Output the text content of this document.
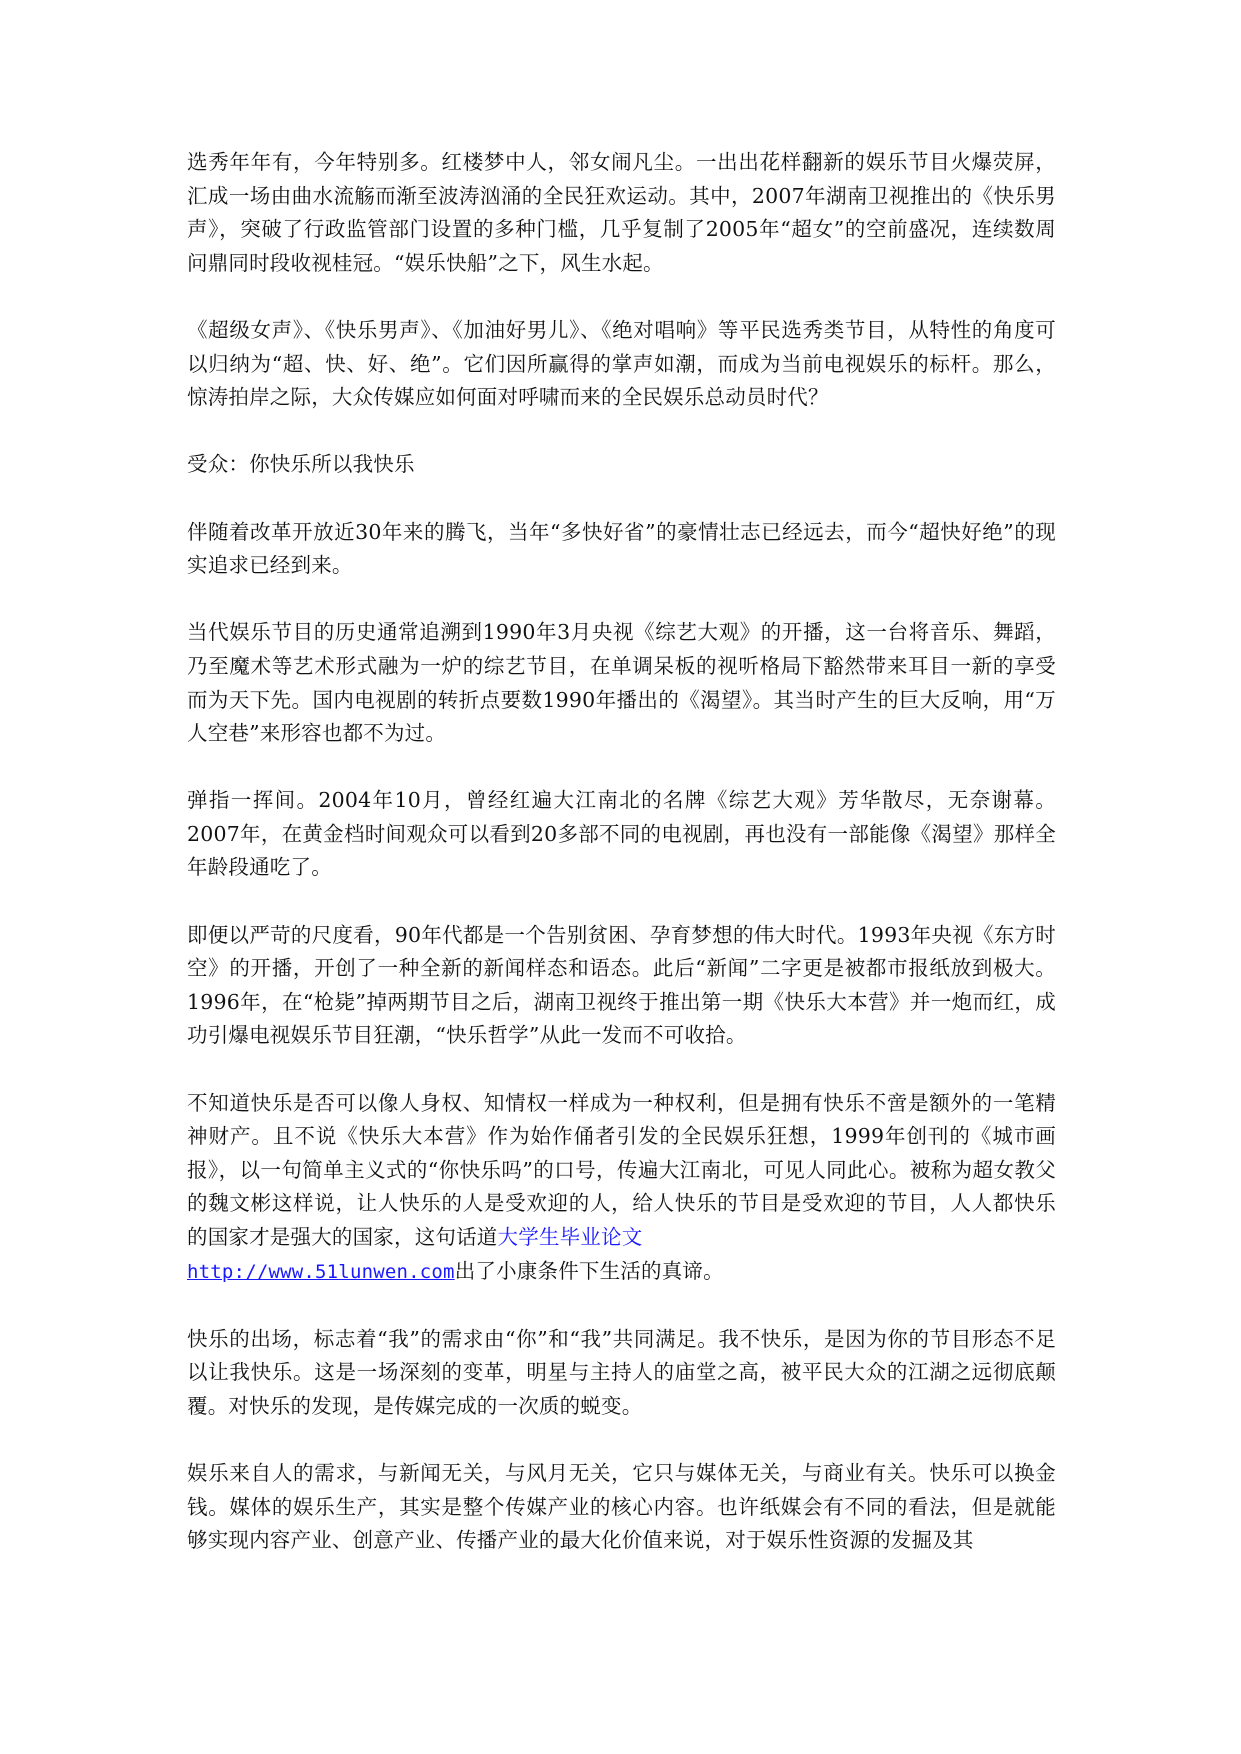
选秀年年有，今年特别多。红楼梦中人，邻女闹凡尘。一出出花样翻新的娱乐节目火爆荧屏，汇成一场由曲水流觞而渐至波涛汹涌的全民狂欢运动。其中，2007年湖南卫视推出的《快乐男声》，突破了行政监管部门设置的多种门槛，几乎复制了2005年“超女”的空前盛况，连续数周问鼎同时段收视桂冠。“娱乐快船”之下，风生水起。

《超级女声》、《快乐男声》、《加油好男儿》、《绝对唱响》等平民选秀类节目，从特性的角度可以归纳为“超、快、好、绝”。它们因所赢得的掌声如潮，而成为当前电视娱乐的标杆。那么，惊涛拍岸之际，大众传媒应如何面对呼啸而来的全民娱乐总动员时代？

受众：你快乐所以我快乐

伴随着改革开放近30年来的腾飞，当年“多快好省”的豪情壮志已经远去，而今“超快好绝”的现实追求已经到来。

当代娱乐节目的历史通常追溯到1990年3月央视《综艺大观》的开播，这一台将音乐、舞蹈，乃至魔术等艺术形式融为一炉的综艺节目，在单调呆板的视听格局下豁然带来耳目一新的享受而为天下先。国内电视剧的转折点要数1990年播出的《渴望》。其当时产生的巨大反响，用“万人空巷”来形容也都不为过。

弹指一挥间。2004年10月，曾经红遍大江南北的名牌《综艺大观》芳华散尽，无奈谢幕。2007年，在黄金档时间观众可以看到20多部不同的电视剧，再也没有一部能像《渴望》那样全年龄段通吃了。

即便以严苛的尺度看，90年代都是一个告别贫困、孕育梦想的伟大时代。1993年央视《东方时空》的开播，开创了一种全新的新闻样态和语态。此后“新闻”二字更是被都市报纸放到极大。1996年，在“枪毙”掉两期节目之后，湖南卫视终于推出第一期《快乐大本营》并一炮而红，成功引爆电视娱乐节目狂潮，“快乐哲学”从此一发而不可收拾。

不知道快乐是否可以像人身权、知情权一样成为一种权利，但是拥有快乐不啻是额外的一笔精神财产。且不说《快乐大本营》作为始作俑者引发的全民娱乐狂想，1999年创刊的《城市画报》，以一句简单主义式的“你快乐吗”的口号，传遍大江南北，可见人同此心。被称为超女教父的魏文彬这样说，让人快乐的人是受欢迎的人，给人快乐的节目是受欢迎的节目，人人都快乐的国家才是强大的国家，这句话道大学生毕业论文
http://www.51lunwen.com出了小康条件下生活的真谛。

快乐的出场，标志着“我”的需求由“你”和“我”共同满足。我不快乐，是因为你的节目形态不足以让我快乐。这是一场深刻的变革，明星与主持人的庙堂之高，被平民大众的江湖之远彻底颠覆。对快乐的发现，是传媒完成的一次质的蜕变。

娱乐来自人的需求，与新闻无关，与风月无关，它只与媒体无关，与商业有关。快乐可以换金钱。媒体的娱乐生产，其实是整个传媒产业的核心内容。也许纸媒会有不同的看法，但是就能够实现内容产业、创意产业、传播产业的最大化价值来说，对于娱乐性资源的发掘及其
